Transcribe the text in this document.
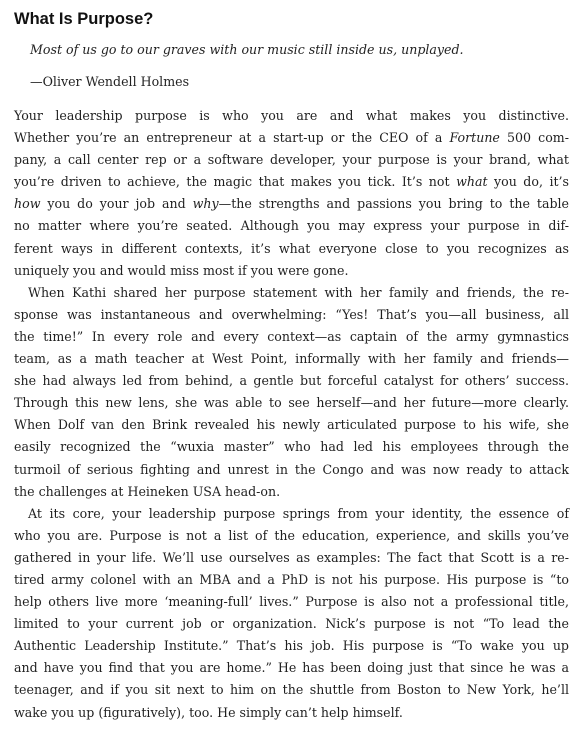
What Is Purpose?

Most of us go to our graves with our music still inside us, unplayed.

—Oliver Wendell Holmes

Your leadership purpose is who you are and what makes you distinctive.
Whether you’re an entrepreneur at a start-up or the CEO of a Fortune 500 com-
pany, a call center rep or a software developer, your purpose is your brand, what
you’re driven to achieve, the magic that makes you tick. It’s not what you do, it’s
how you do your job and why—the strengths and passions you bring to the table
no matter where you’re seated. Although you may express your purpose in dif-
ferent ways in different contexts, it’s what everyone close to you recognizes as
uniquely you and would miss most if you were gone.
When Kathi shared her purpose statement with her family and friends, the re-
sponse was instantaneous and overwhelming: “Yes! That’s you—all business, all
the time!” In every role and every context—as captain of the army gymnastics
team, as a math teacher at West Point, informally with her family and friends—
she had always led from behind, a gentle but forceful catalyst for others’ success.
Through this new lens, she was able to see herself—and her future—more clearly.
When Dolf van den Brink revealed his newly articulated purpose to his wife, she
easily recognized the “wuxia master” who had led his employees through the
turmoil of serious fighting and unrest in the Congo and was now ready to attack
the challenges at Heineken USA head-on.
At its core, your leadership purpose springs from your identity, the essence of
who you are. Purpose is not a list of the education, experience, and skills you’ve
gathered in your life. We’ll use ourselves as examples: The fact that Scott is a re-
tired army colonel with an MBA and a PhD is not his purpose. His purpose is “to
help others live more ‘meaning-full’ lives.” Purpose is also not a professional title,
limited to your current job or organization. Nick’s purpose is not “To lead the
Authentic Leadership Institute.” That’s his job. His purpose is “To wake you up
and have you find that you are home.” He has been doing just that since he was a
teenager, and if you sit next to him on the shuttle from Boston to New York, he’ll
wake you up (figuratively), too. He simply can’t help himself.
